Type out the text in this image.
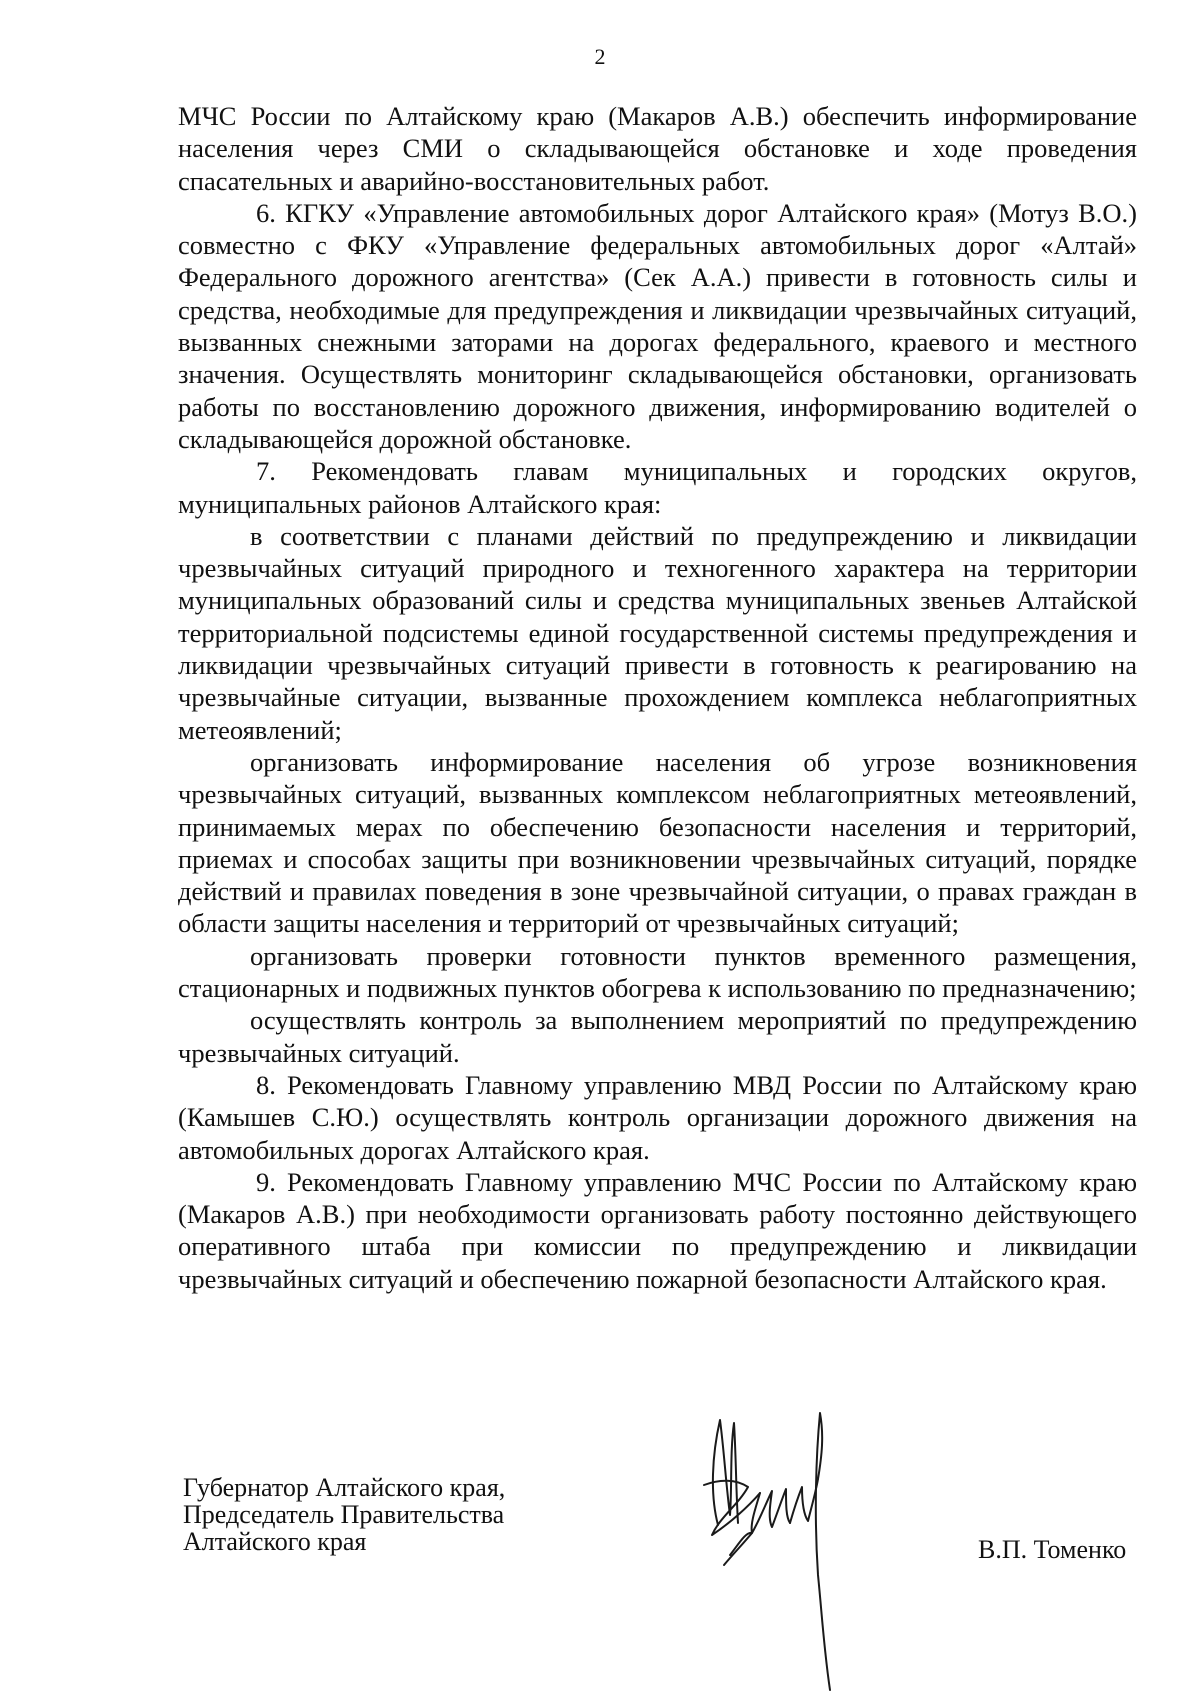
2

МЧС России по Алтайскому краю (Макаров А.В.) обеспечить информирование населения через СМИ о складывающейся обстановке и ходе проведения спасательных и аварийно-восстановительных работ.

6. КГКУ «Управление автомобильных дорог Алтайского края» (Мотуз В.О.) совместно с ФКУ «Управление федеральных автомобильных дорог «Алтай» Федерального дорожного агентства» (Сек А.А.) привести в готовность силы и средства, необходимые для предупреждения и ликвидации чрезвычайных ситуаций, вызванных снежными заторами на дорогах федерального, краевого и местного значения. Осуществлять мониторинг складывающейся обстановки, организовать работы по восстановлению дорожного движения, информированию водителей о складывающейся дорожной обстановке.

7. Рекомендовать главам муниципальных и городских округов, муниципальных районов Алтайского края:

в соответствии с планами действий по предупреждению и ликвидации чрезвычайных ситуаций природного и техногенного характера на территории муниципальных образований силы и средства муниципальных звеньев Алтайской территориальной подсистемы единой государственной системы предупреждения и ликвидации чрезвычайных ситуаций привести в готовность к реагированию на чрезвычайные ситуации, вызванные прохождением комплекса неблагоприятных метеоявлений;

организовать информирование населения об угрозе возникновения чрезвычайных ситуаций, вызванных комплексом неблагоприятных метеоявлений, принимаемых мерах по обеспечению безопасности населения и территорий, приемах и способах защиты при возникновении чрезвычайных ситуаций, порядке действий и правилах поведения в зоне чрезвычайной ситуации, о правах граждан в области защиты населения и территорий от чрезвычайных ситуаций;

организовать проверки готовности пунктов временного размещения, стационарных и подвижных пунктов обогрева к использованию по предназначению;

осуществлять контроль за выполнением мероприятий по предупреждению чрезвычайных ситуаций.

8. Рекомендовать Главному управлению МВД России по Алтайскому краю (Камышев С.Ю.) осуществлять контроль организации дорожного движения на автомобильных дорогах Алтайского края.

9. Рекомендовать Главному управлению МЧС России по Алтайскому краю (Макаров А.В.) при необходимости организовать работу постоянно действующего оперативного штаба при комиссии по предупреждению и ликвидации чрезвычайных ситуаций и обеспечению пожарной безопасности Алтайского края.

Губернатор Алтайского края,
Председатель Правительства
Алтайского края	В.П. Томенко
